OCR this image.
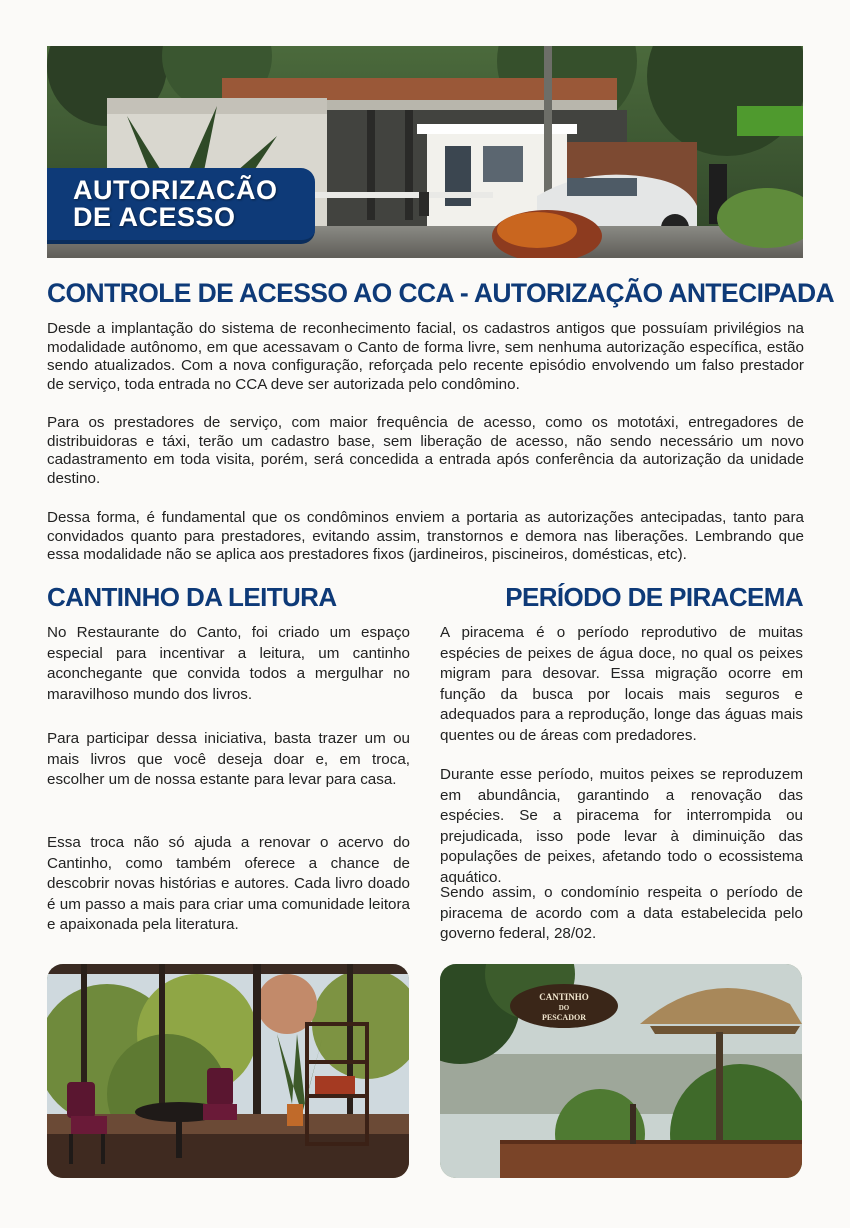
AUTORIZACÃO
DE ACESSO
CONTROLE DE ACESSO AO CCA - AUTORIZAÇÃO ANTECIPADA

Desde a implantação do sistema de reconhecimento facial, os cadastros antigos que possuíam privilégios na modalidade autônomo, em que acessavam o Canto de forma livre, sem nenhuma autorização específica, estão sendo atualizados. Com a nova configuração, reforçada pelo recente episódio envolvendo um falso prestador de serviço, toda entrada no CCA deve ser autorizada pelo condômino.

Para os prestadores de serviço, com maior frequência de acesso, como os mototáxi, entregadores de distribuidoras e táxi, terão um cadastro base, sem liberação de acesso, não sendo necessário um novo cadastramento em toda visita, porém, será concedida a entrada após conferência da autorização da unidade destino.

Dessa forma, é fundamental que os condôminos enviem a portaria as autorizações antecipadas, tanto para convidados quanto para prestadores, evitando assim, transtornos e demora nas liberações. Lembrando que essa modalidade não se aplica aos prestadores fixos (jardineiros, piscineiros, domésticas, etc).

CANTINHO DA LEITURA	PERÍODO DE PIRACEMA

No Restaurante do Canto, foi criado um espaço especial para incentivar a leitura, um cantinho aconchegante que convida todos a mergulhar no maravilhoso mundo dos livros.

Para participar dessa iniciativa, basta trazer um ou mais livros que você deseja doar e, em troca, escolher um de nossa estante para levar para casa.

Essa troca não só ajuda a renovar o acervo do Cantinho, como também oferece a chance de descobrir novas histórias e autores. Cada livro doado é um passo a mais para criar uma comunidade leitora e apaixonada pela literatura.

A piracema é o período reprodutivo de muitas espécies de peixes de água doce, no qual os peixes migram para desovar. Essa migração ocorre em função da busca por locais mais seguros e adequados para a reprodução, longe das águas mais quentes ou de áreas com predadores.

Durante esse período, muitos peixes se reproduzem em abundância, garantindo a renovação das espécies. Se a piracema for interrompida ou prejudicada, isso pode levar à diminuição das populações de peixes, afetando todo o ecossistema aquático.

Sendo assim, o condomínio respeita o período de piracema de acordo com a data estabelecida pelo governo federal, 28/02.

CANTINHO
DO
PESCADOR
